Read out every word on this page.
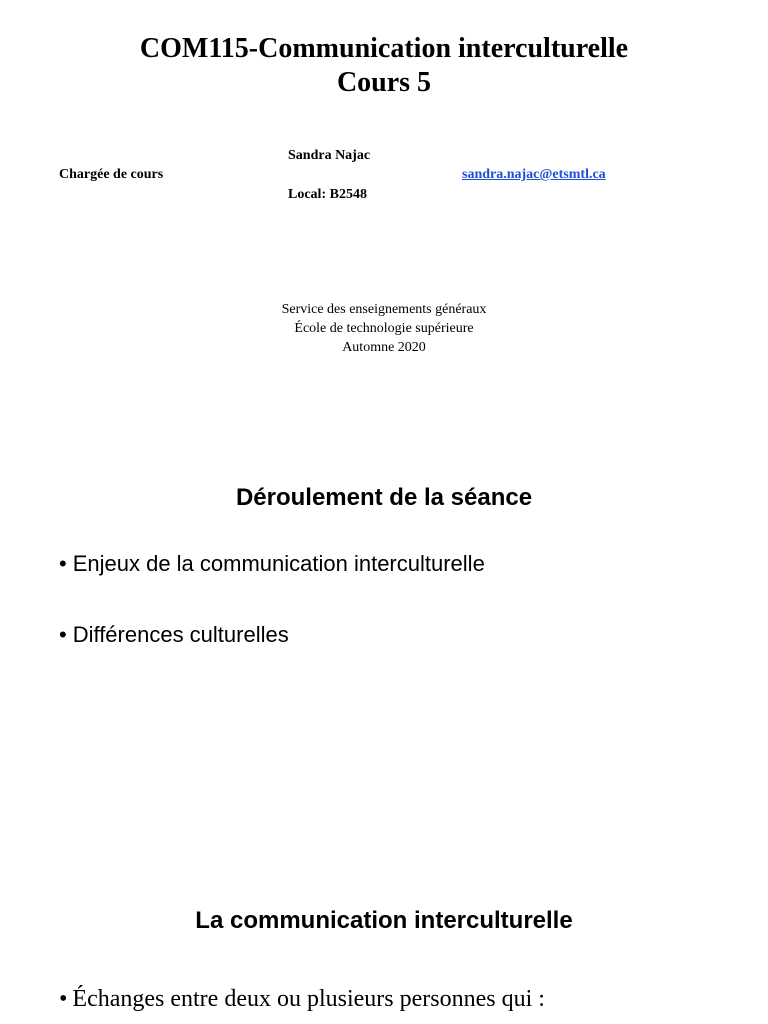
COM115-Communication interculturelle
Cours 5
Sandra Najac
Chargée de cours	sandra.najac@etsmtl.ca
Local: B2548
Service des enseignements généraux
École de technologie supérieure
Automne 2020
Déroulement de la séance
• Enjeux de la communication interculturelle
• Différences culturelles
La communication interculturelle
• Échanges entre deux ou plusieurs personnes qui :
